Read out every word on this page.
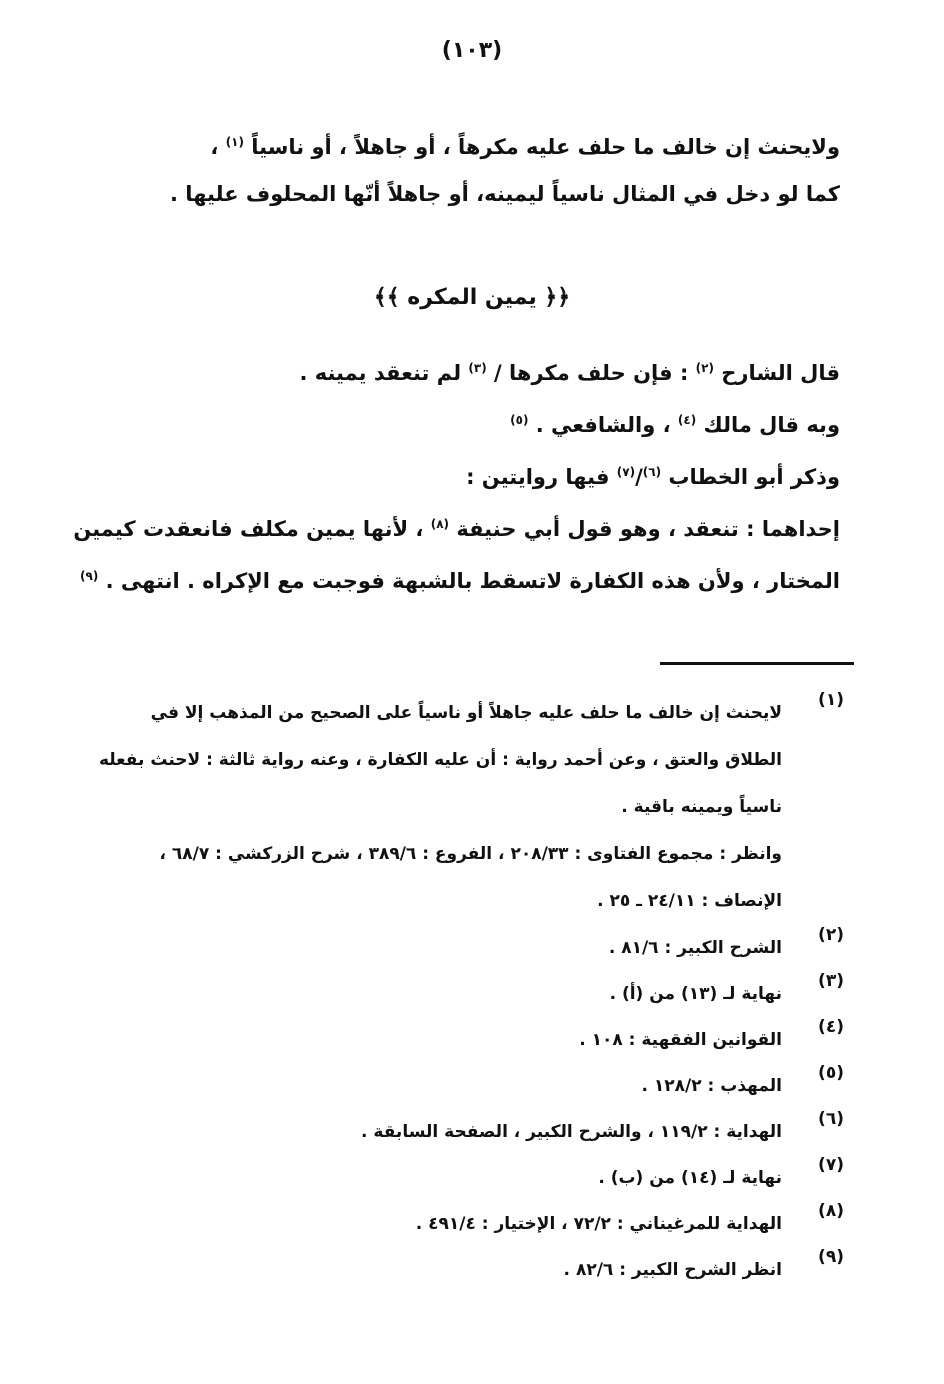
(١٠٣)
ولايحنث إن خالف ما حلف عليه مكرهاً ، أو جاهلاً ، أو ناسياً $^{(١)}$ ،
كما لو دخل في المثال ناسياً ليمينه، أو جاهلاً أنّها المحلوف عليها .
﴿﴿ يمين المكره ﴾﴾
قال الشارح $^{(٢)}$ : فإن حلف مكرها / $^{(٣)}$ لم تنعقد يمينه .
وبه قال مالك $^{(٤)}$ ، والشافعي . $^{(٥)}$
وذكر أبو الخطاب $^{(٦)}$/$^{(٧)}$ فيها روايتين :
إحداهما : تنعقد ، وهو قول أبي حنيفة $^{(٨)}$ ، لأنها يمين مكلف فانعقدت كيمين
المختار ، ولأن هذه الكفارة لاتسقط بالشبهة فوجبت مع الإكراه . انتهى . $^{(٩)}$
(١)
لايحنث إن خالف ما حلف عليه جاهلاً أو ناسياً على الصحيح من المذهب إلا في
الطلاق والعتق ، وعن أحمد رواية : أن عليه الكفارة ، وعنه رواية ثالثة : لاحنث بفعله
ناسياً ويمينه باقية .
وانظر : مجموع الفتاوى : ٢٠٨/٣٣ ، الفروع : ٣٨٩/٦ ، شرح الزركشي : ٦٨/٧ ،
الإنصاف : ٢٤/١١ ـ ٢٥ .
(٢)
الشرح الكبير : ٨١/٦ .
(٣)
نهاية لـ (١٣) من (أ) .
(٤)
القوانين الفقهية : ١٠٨ .
(٥)
المهذب : ١٢٨/٢ .
(٦)
الهداية : ١١٩/٢ ، والشرح الكبير ، الصفحة السابقة .
(٧)
نهاية لـ (١٤) من (ب) .
(٨)
الهداية للمرغيناني : ٧٢/٢ ، الإختيار : ٤٩١/٤ .
(٩)
انظر الشرح الكبير : ٨٢/٦ .
